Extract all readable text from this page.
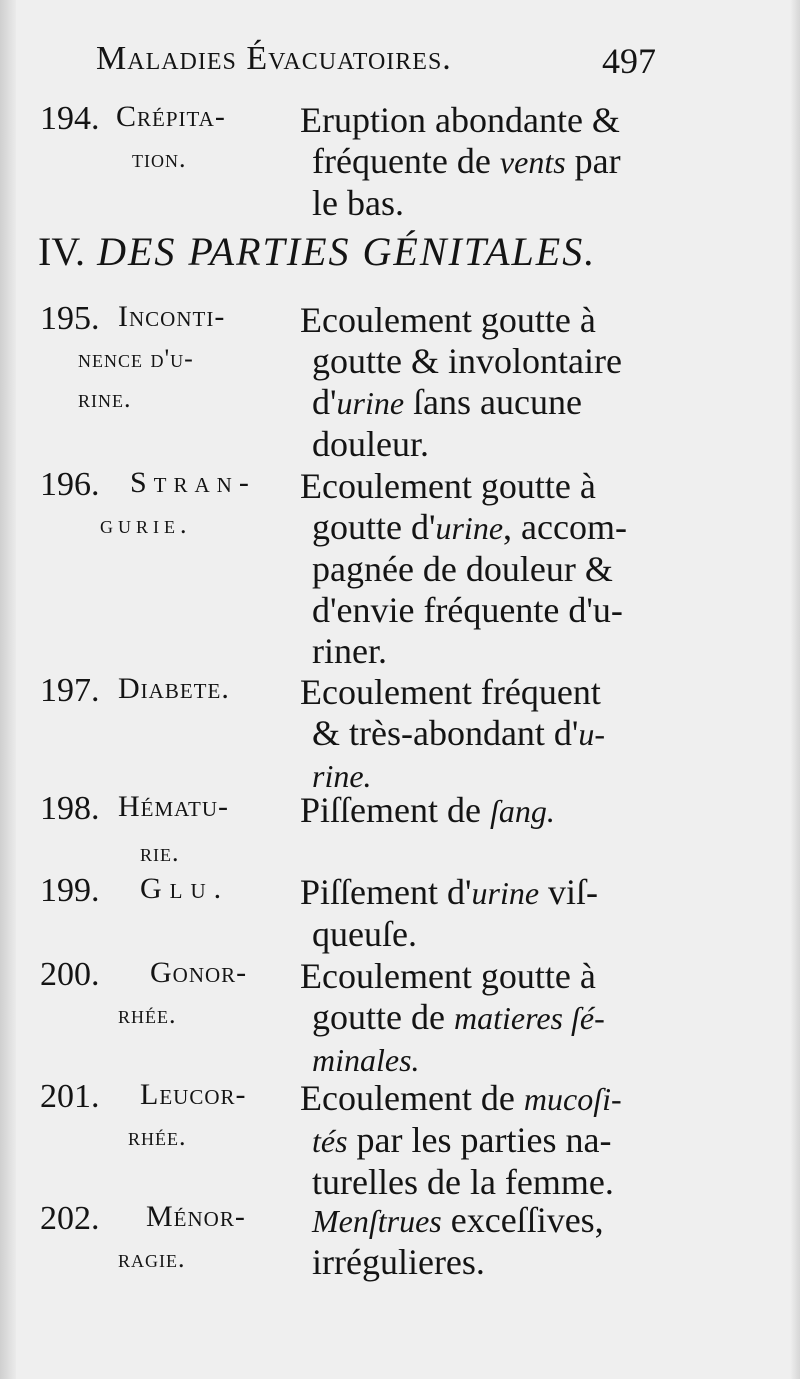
Maladies Évacuatoires.	497
194. Crépita-
tion.
Eruption abondante &
fréquente de vents par
le bas.
IV. DES PARTIES GÉNITALES.
195. Inconti-
nence d'u-
rine.
Ecoulement goutte à
goutte & involontaire
d'urine ſans aucune
douleur.
196. Stran-
gurie.
Ecoulement goutte à
goutte d'urine, accom-
pagnée de douleur &
d'envie fréquente d'u-
riner.
197. Diabete. Ecoulement fréquent
& très-abondant d'u-
rine.
198. Hématu-
rie.
Piſſement de ſang.
199. Glu. Piſſement d'urine viſ-
queuſe.
200. Gonor-
rhée.
Ecoulement goutte à
goutte de matieres ſé-
minales.
201. Leucor-
rhée.
Ecoulement de mucoſi-
tés par les parties na-
turelles de la femme.
202. Ménor-
ragie.
Menſtrues exceſſives,
irrégulieres.
